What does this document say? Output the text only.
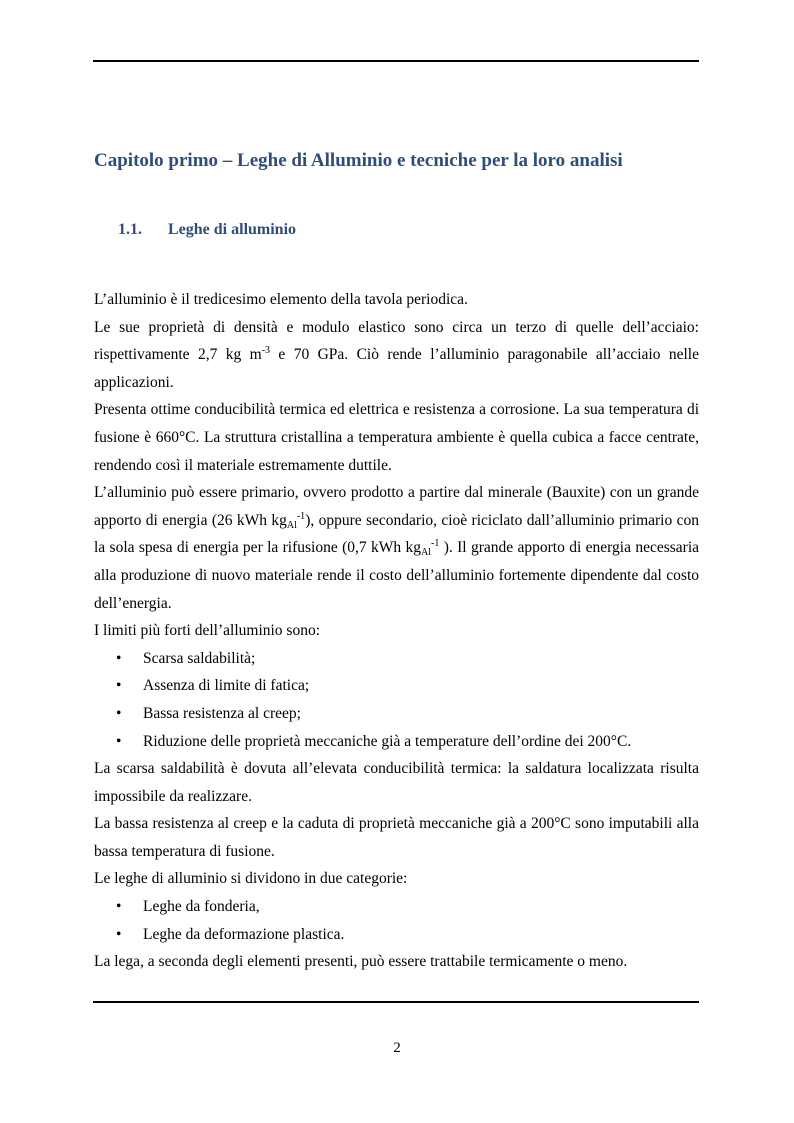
Capitolo primo – Leghe di Alluminio e tecniche per la loro analisi
1.1. Leghe di alluminio

L’alluminio è il tredicesimo elemento della tavola periodica.

Le sue proprietà di densità e modulo elastico sono circa un terzo di quelle dell’acciaio: rispettivamente 2,7 kg $m^{-3}$ e 70 GPa. Ciò rende l’alluminio paragonabile all’acciaio nelle applicazioni.

Presenta ottime conducibilità termica ed elettrica e resistenza a corrosione. La sua temperatura di fusione è 660°C. La struttura cristallina a temperatura ambiente è quella cubica a facce centrate, rendendo così il materiale estremamente duttile.

L’alluminio può essere primario, ovvero prodotto a partire dal minerale (Bauxite) con un grande apporto di energia (26 kWh $kg_{Al}^{-1}$), oppure secondario, cioè riciclato dall’alluminio primario con la sola spesa di energia per la rifusione (0,7 kWh $kg_{Al}^{-1}$ ). Il grande apporto di energia necessaria alla produzione di nuovo materiale rende il costo dell’alluminio fortemente dipendente dal costo dell’energia.

I limiti più forti dell’alluminio sono:

• Scarsa saldabilità;
• Assenza di limite di fatica;
• Bassa resistenza al creep;
• Riduzione delle proprietà meccaniche già a temperature dell’ordine dei 200°C.

La scarsa saldabilità è dovuta all’elevata conducibilità termica: la saldatura localizzata risulta impossibile da realizzare.

La bassa resistenza al creep e la caduta di proprietà meccaniche già a 200°C sono imputabili alla bassa temperatura di fusione.

Le leghe di alluminio si dividono in due categorie:

• Leghe da fonderia,
• Leghe da deformazione plastica.

La lega, a seconda degli elementi presenti, può essere trattabile termicamente o meno.

2
